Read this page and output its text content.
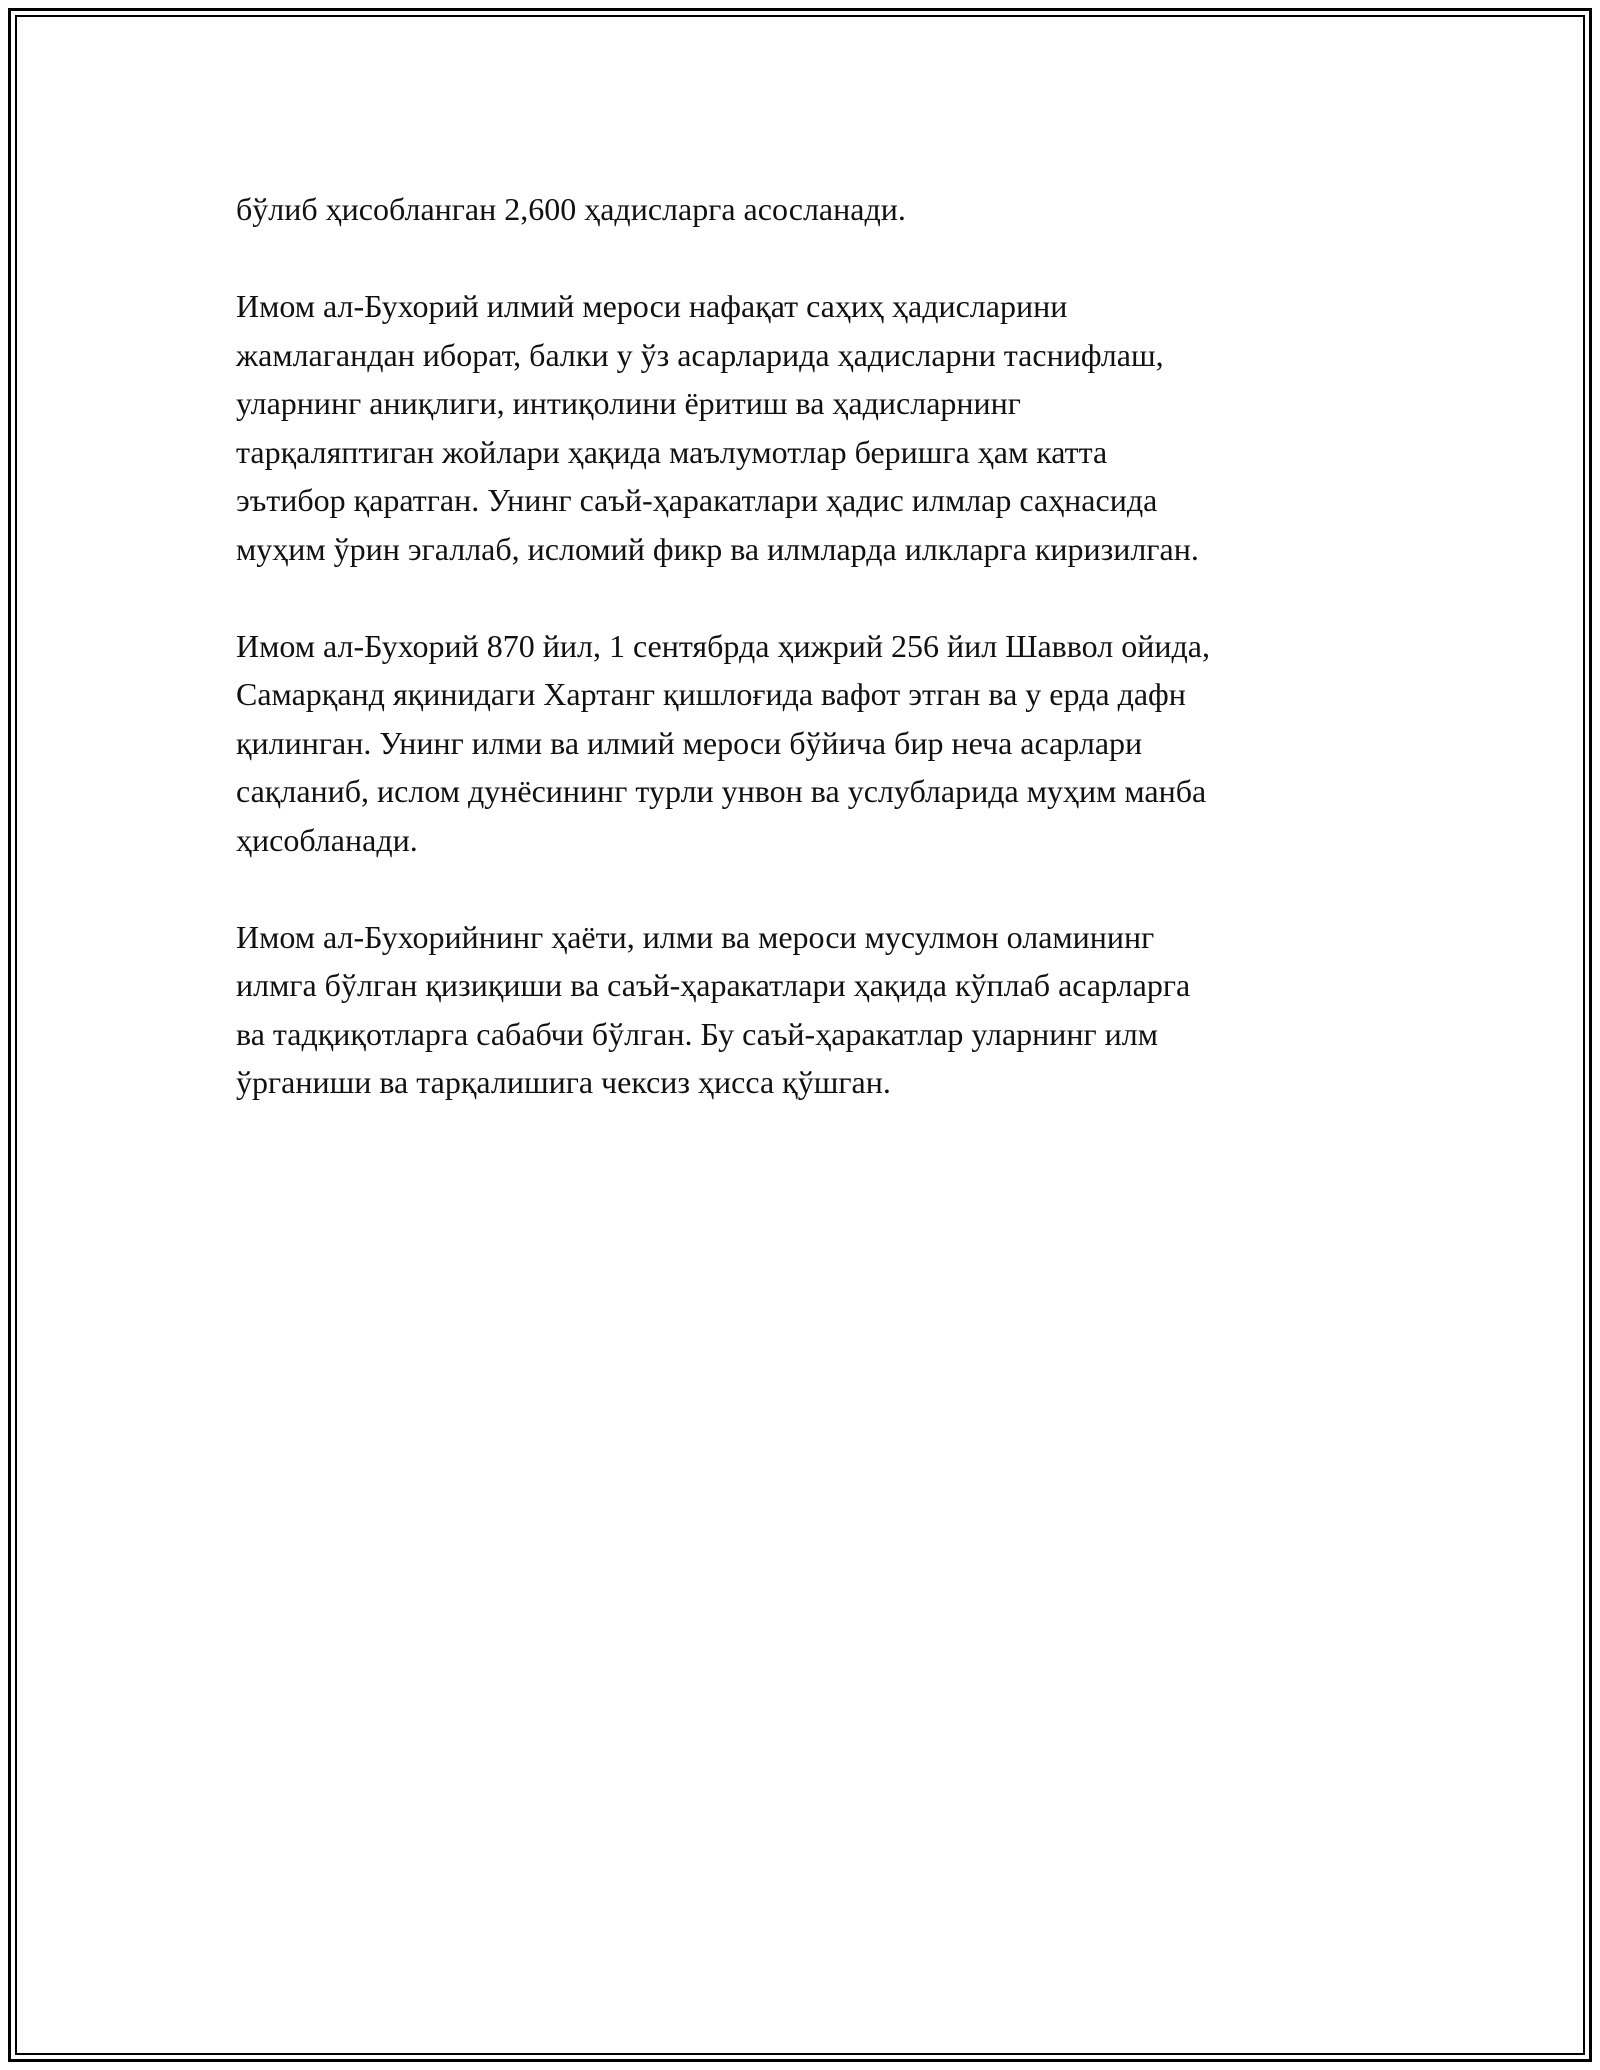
бўлиб ҳисобланган 2,600 ҳадисларга асосланади.

Имом ал-Бухорий илмий мероси нафақат саҳиҳ ҳадисларини
жамлагандан иборат, балки у ўз асарларида ҳадисларни таснифлаш,
уларнинг аниқлиги, интиқолини ёритиш ва ҳадисларнинг
тарқаляптиган жойлари ҳақида маълумотлар беришга ҳам катта
эътибор қаратган. Унинг саъй-ҳаракатлари ҳадис илмлар саҳнасида
муҳим ўрин эгаллаб, исломий фикр ва илмларда илкларга киризилган.

Имом ал-Бухорий 870 йил, 1 сентябрда ҳижрий 256 йил Шаввол ойида,
Самарқанд яқинидаги Хартанг қишлоғида вафот этган ва у ерда дафн
қилинган. Унинг илми ва илмий мероси бўйича бир неча асарлари
сақланиб, ислом дунёсининг турли унвон ва услубларида муҳим манба
ҳисобланади.

Имом ал-Бухорийнинг ҳаёти, илми ва мероси мусулмон оламининг
илмга бўлган қизиқиши ва саъй-ҳаракатлари ҳақида кўплаб асарларга
ва тадқиқотларга сабабчи бўлган. Бу саъй-ҳаракатлар уларнинг илм
ўрганиши ва тарқалишига чексиз ҳисса қўшган.
